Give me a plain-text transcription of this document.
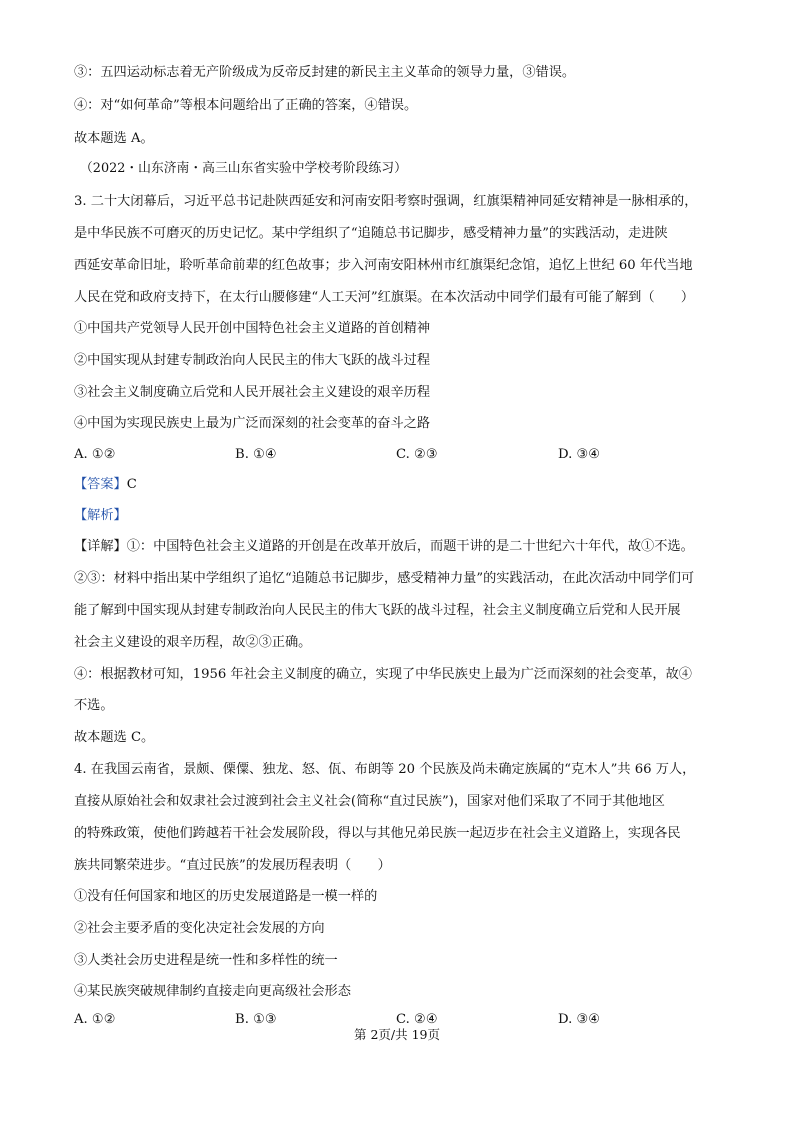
③：五四运动标志着无产阶级成为反帝反封建的新民主主义革命的领导力量，③错误。
④：对“如何革命”等根本问题给出了正确的答案，④错误。
故本题选 A。
（2022・山东济南・高三山东省实验中学校考阶段练习）
3. 二十大闭幕后，习近平总书记赴陕西延安和河南安阳考察时强调，红旗渠精神同延安精神是一脉相承的，
是中华民族不可磨灭的历史记忆。某中学组织了“追随总书记脚步，感受精神力量”的实践活动，走进陕
西延安革命旧址，聆听革命前辈的红色故事；步入河南安阳林州市红旗渠纪念馆，追忆上世纪 60 年代当地
人民在党和政府支持下，在太行山腰修建“人工天河”红旗渠。在本次活动中同学们最有可能了解到（　　）
①中国共产党领导人民开创中国特色社会主义道路的首创精神
②中国实现从封建专制政治向人民民主的伟大飞跃的战斗过程
③社会主义制度确立后党和人民开展社会主义建设的艰辛历程
④中国为实现民族史上最为广泛而深刻的社会变革的奋斗之路
A. ①②	B. ①④	C. ②③	D. ③④
【答案】C
【解析】
【详解】①：中国特色社会主义道路的开创是在改革开放后，而题干讲的是二十世纪六十年代，故①不选。
②③：材料中指出某中学组织了追忆“追随总书记脚步，感受精神力量”的实践活动，在此次活动中同学们可
能了解到中国实现从封建专制政治向人民民主的伟大飞跃的战斗过程，社会主义制度确立后党和人民开展
社会主义建设的艰辛历程，故②③正确。
④：根据教材可知，1956 年社会主义制度的确立，实现了中华民族史上最为广泛而深刻的社会变革，故④
不选。
故本题选 C。
4. 在我国云南省，景颇、傈僳、独龙、怒、佤、布朗等 20 个民族及尚未确定族属的“克木人”共 66 万人，
直接从原始社会和奴隶社会过渡到社会主义社会(简称“直过民族”)，国家对他们采取了不同于其他地区
的特殊政策，使他们跨越若干社会发展阶段，得以与其他兄弟民族一起迈步在社会主义道路上，实现各民
族共同繁荣进步。“直过民族”的发展历程表明（　　）
①没有任何国家和地区的历史发展道路是一模一样的
②社会主要矛盾的变化决定社会发展的方向
③人类社会历史进程是统一性和多样性的统一
④某民族突破规律制约直接走向更高级社会形态
A. ①②	B. ①③	C. ②④	D. ③④
第 2页/共 19页
